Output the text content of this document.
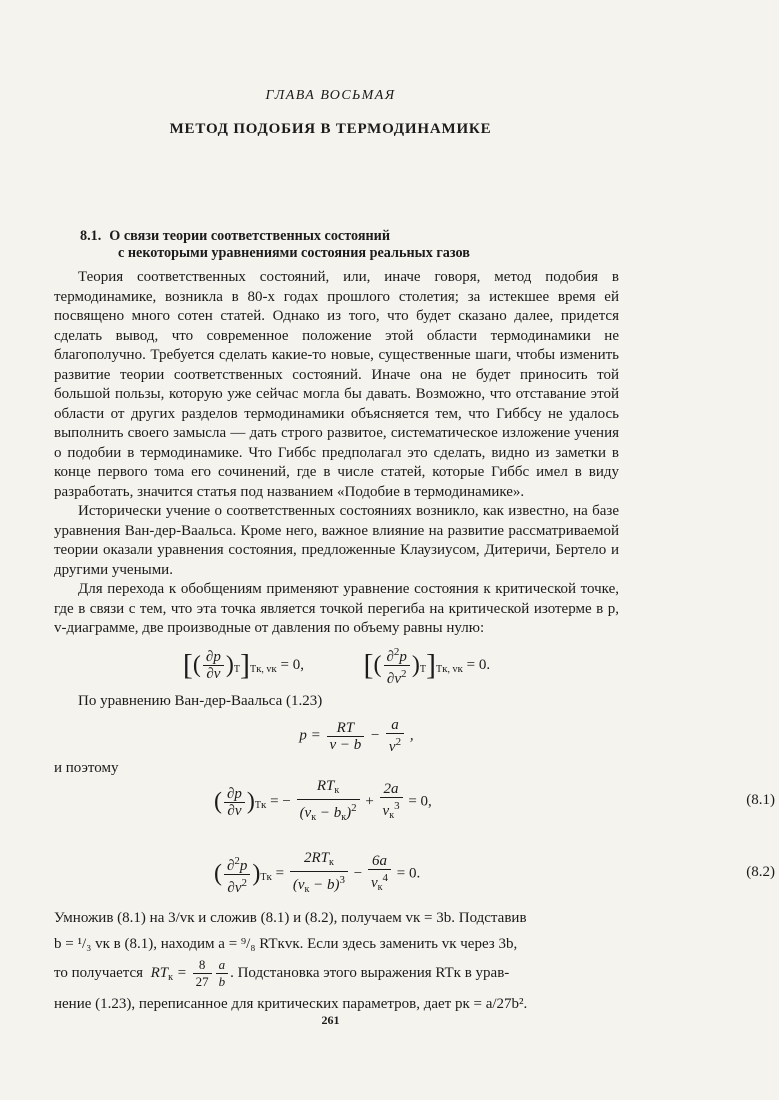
ГЛАВА ВОСЬМАЯ
МЕТОД ПОДОБИЯ В ТЕРМОДИНАМИКЕ
8.1. О связи теории соответственных состояний
с некоторыми уравнениями состояния реальных газов

Теория соответственных состояний, или, иначе говоря, метод подобия в термодинамике, возникла в 80-х годах прошлого столетия; за истекшее время ей посвящено много сотен статей. Однако из того, что будет сказано далее, придется сделать вывод, что современное положение этой области термодинамики не благополучно. Требуется сделать какие-то новые, существенные шаги, чтобы изменить развитие теории соответственных состояний. Иначе она не будет приносить той большой пользы, которую уже сейчас могла бы давать. Возможно, что отставание этой области от других разделов термодинамики объясняется тем, что Гиббсу не удалось выполнить своего замысла — дать строго развитое, систематическое изложение учения о подобии в термодинамике. Что Гиббс предполагал это сделать, видно из заметки в конце первого тома его сочинений, где в числе статей, которые Гиббс имел в виду разработать, значится статья под названием «Подобие в термодинамике».

Исторически учение о соответственных состояниях возникло, как известно, на базе уравнения Ван-дер-Ваальса. Кроме него, важное влияние на развитие рассматриваемой теории оказали уравнения состояния, предложенные Клаузиусом, Дитеричи, Бертело и другими учеными.

Для перехода к обобщениям применяют уравнение состояния к критической точке, где в связи с тем, что эта точка является точкой перегиба на критической изотерме в p, v-диаграмме, две производные от давления по объему равны нулю:

[( $\frac{\partial p}{\partial v} )_T]_{Tк, vк} = 0$, [( $\frac{\partial^2p}{\partial v^2} )_T]_{Tк, vк} = 0$.
По уравнению Ван-дер-Ваальса (1.23)
$p = \frac{RT}{v - b} - \frac{a}{v^2}$ ,
и поэтому
( $\frac{\partial p}{\partial v} )_{Tк}$ = − $\frac{RT_к}{(v_к - b_к)^2} + \frac{2a}{v_к^3} = 0$,	(8.1)
( $\frac{\partial^2p}{\partial v^2} )_{Tк} = \frac{2RT_к}{(v_к - b)^3} - \frac{6a}{v_к^4} = 0$.	(8.2)
Умножив (8.1) на 3/vк и сложив (8.1) и (8.2), получаем vк = 3b. Подставив
b = ¹/₃ vк в (8.1), находим a = ⁹/₈ RTкvк. Если здесь заменить vк через 3b,
то получается  $RT_к = \frac{8}{27} \frac{a}{b}$ . Подстановка этого выражения RTк в урав-
нение (1.23), переписанное для критических параметров, дает pк = a/27b².
261
